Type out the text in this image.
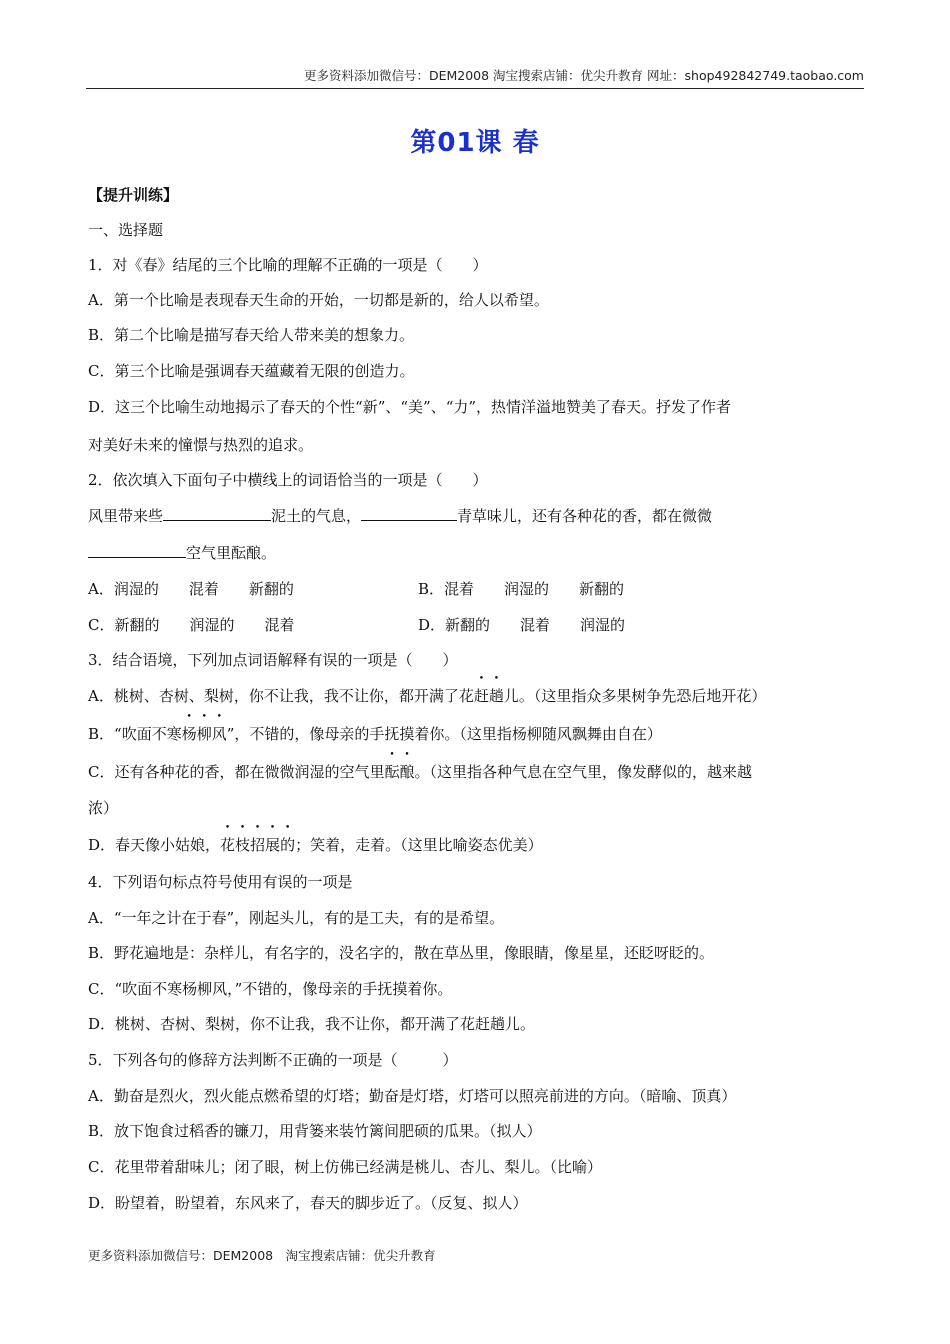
更多资料添加微信号：DEM2008 淘宝搜索店铺：优尖升教育 网址：shop492842749.taobao.com
第01课 春
【提升训练】
一、选择题
1．对《春》结尾的三个比喻的理解不正确的一项是（　　）
A．第一个比喻是表现春天生命的开始，一切都是新的，给人以希望。
B．第二个比喻是描写春天给人带来美的想象力。
C．第三个比喻是强调春天蕴藏着无限的创造力。
D．这三个比喻生动地揭示了春天的个性“新”、“美”、“力”，热情洋溢地赞美了春天。抒发了作者
对美好未来的憧憬与热烈的追求。
2．依次填入下面句子中横线上的词语恰当的一项是（　　）
风里带来些	泥土的气息，	青草味儿，还有各种花的香，都在微微
空气里酝酿。
A．润湿的　　混着　　新翻的	B．混着　　润湿的　　新翻的
C．新翻的　　润湿的　　混着	D．新翻的　　混着　　润湿的
3．结合语境，下列加点词语解释有误的一项是（　　）
A．桃树、杏树、梨树，你不让我，我不让你，都开满了花赶趟儿。（这里指众多果树争先恐后地开花）
B．“吹面不寒杨柳风”，不错的，像母亲的手抚摸着你。（这里指杨柳随风飘舞由自在）
C．还有各种花的香，都在微微润湿的空气里酝酿。（这里指各种气息在空气里，像发酵似的，越来越
浓）
D．春天像小姑娘，花枝招展的；笑着，走着。（这里比喻姿态优美）
4．下列语句标点符号使用有误的一项是
A．“一年之计在于春”，刚起头儿，有的是工夫，有的是希望。
B．野花遍地是：杂样儿，有名字的，没名字的，散在草丛里，像眼睛，像星星，还眨呀眨的。
C．“吹面不寒杨柳风，”不错的，像母亲的手抚摸着你。
D．桃树、杏树、梨树，你不让我，我不让你，都开满了花赶趟儿。
5．下列各句的修辞方法判断不正确的一项是（　　　）
A．勤奋是烈火，烈火能点燃希望的灯塔；勤奋是灯塔，灯塔可以照亮前进的方向。（暗喻、顶真）
B．放下饱食过稻香的镰刀，用背篓来装竹篱间肥硕的瓜果。（拟人）
C．花里带着甜味儿；闭了眼，树上仿佛已经满是桃儿、杏儿、梨儿。（比喻）
D．盼望着，盼望着，东风来了，春天的脚步近了。（反复、拟人）
更多资料添加微信号：DEM2008　淘宝搜索店铺：优尖升教育
